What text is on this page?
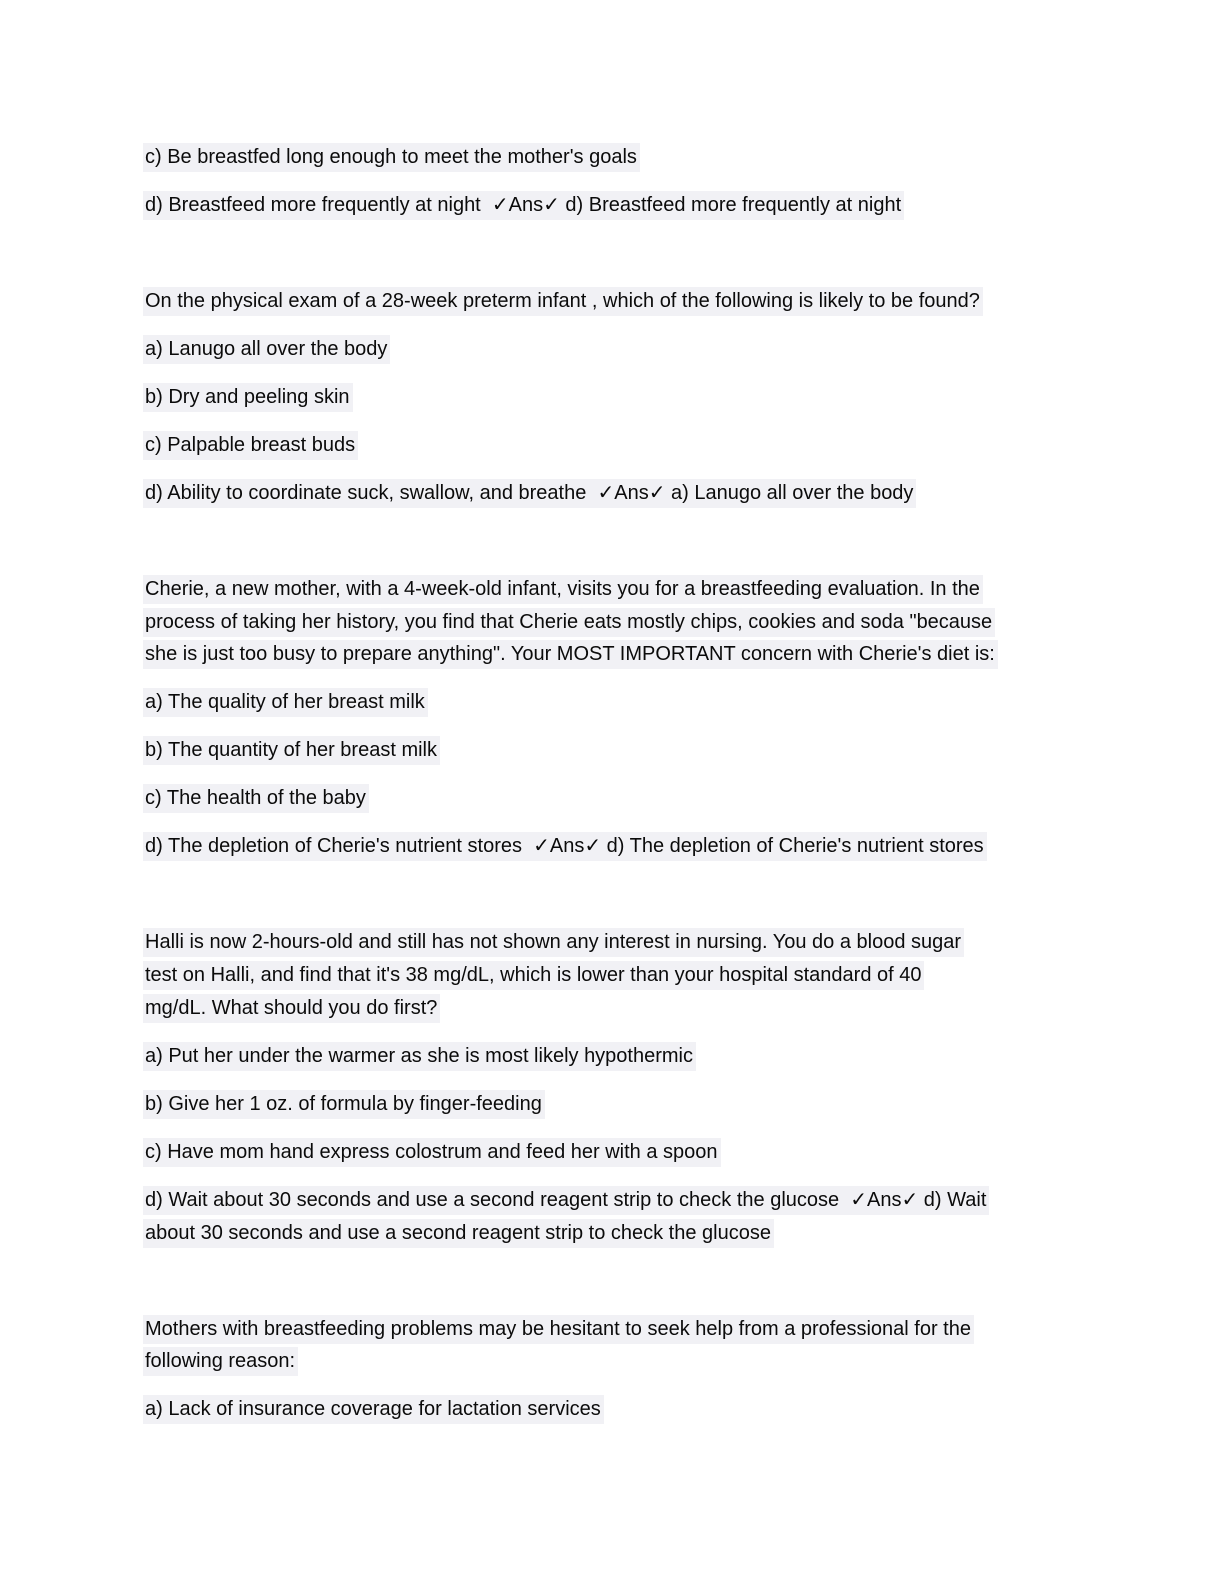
c) Be breastfed long enough to meet the mother's goals
d) Breastfeed more frequently at night  ✓Ans✓ d) Breastfeed more frequently at night
On the physical exam of a 28-week preterm infant , which of the following is likely to be found?
a) Lanugo all over the body
b) Dry and peeling skin
c) Palpable breast buds
d) Ability to coordinate suck, swallow, and breathe  ✓Ans✓ a) Lanugo all over the body
Cherie, a new mother, with a 4-week-old infant, visits you for a breastfeeding evaluation. In the
process of taking her history, you find that Cherie eats mostly chips, cookies and soda "because
she is just too busy to prepare anything". Your MOST IMPORTANT concern with Cherie's diet is:
a) The quality of her breast milk
b) The quantity of her breast milk
c) The health of the baby
d) The depletion of Cherie's nutrient stores  ✓Ans✓ d) The depletion of Cherie's nutrient stores
Halli is now 2-hours-old and still has not shown any interest in nursing. You do a blood sugar
test on Halli, and find that it's 38 mg/dL, which is lower than your hospital standard of 40
mg/dL. What should you do first?
a) Put her under the warmer as she is most likely hypothermic
b) Give her 1 oz. of formula by finger-feeding
c) Have mom hand express colostrum and feed her with a spoon
d) Wait about 30 seconds and use a second reagent strip to check the glucose  ✓Ans✓ d) Wait
about 30 seconds and use a second reagent strip to check the glucose
Mothers with breastfeeding problems may be hesitant to seek help from a professional for the
following reason:
a) Lack of insurance coverage for lactation services
